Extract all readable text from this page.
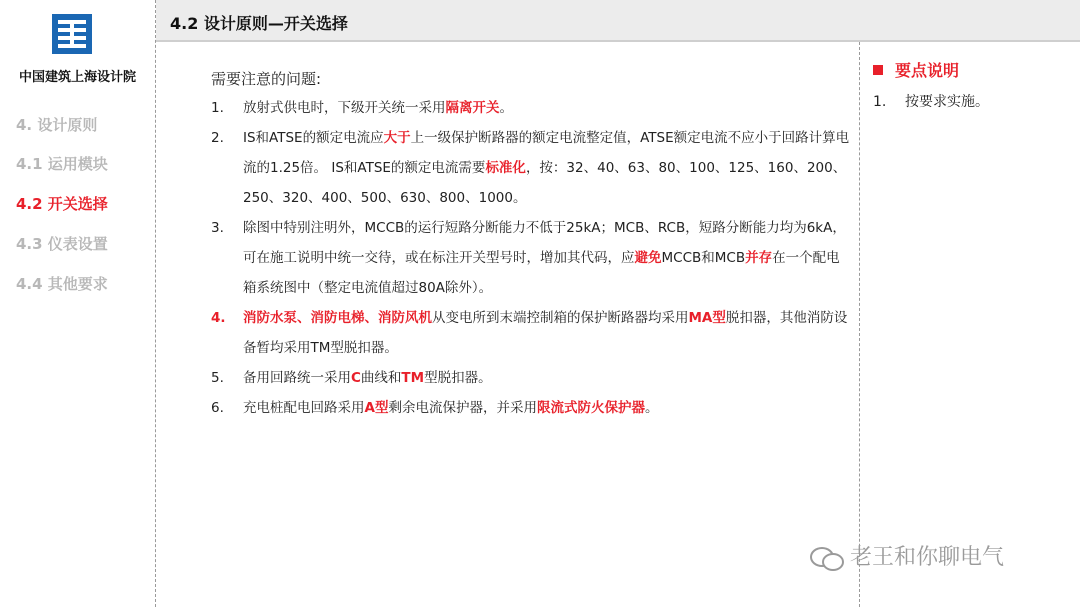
中国建筑上海设计院
4. 设计原则
4.1 运用模块
4.2 开关选择
4.3 仪表设置
4.4 其他要求
4.2 设计原则—开关选择
需要注意的问题:
1. 放射式供电时，下级开关统一采用隔离开关。
2. IS和ATSE的额定电流应大于上一级保护断路器的额定电流整定值，ATSE额定电流不应小于回路计算电流的1.25倍。 IS和ATSE的额定电流需要标准化，按：32、40、63、80、100、125、160、200、250、320、400、500、630、800、1000。
3. 除图中特别注明外，MCCB的运行短路分断能力不低于25kA；MCB、RCB，短路分断能力均为6kA，可在施工说明中统一交待，或在标注开关型号时，增加其代码，应避免MCCB和MCB并存在一个配电箱系统图中（整定电流值超过80A除外）。
4. 消防水泵、消防电梯、消防风机从变电所到末端控制箱的保护断路器均采用MA型脱扣器，其他消防设备暂均采用TM型脱扣器。
5. 备用回路统一采用C曲线和TM型脱扣器。
6. 充电桩配电回路采用A型剩余电流保护器，并采用限流式防火保护器。
要点说明
1. 按要求实施。
老王和你聊电气
